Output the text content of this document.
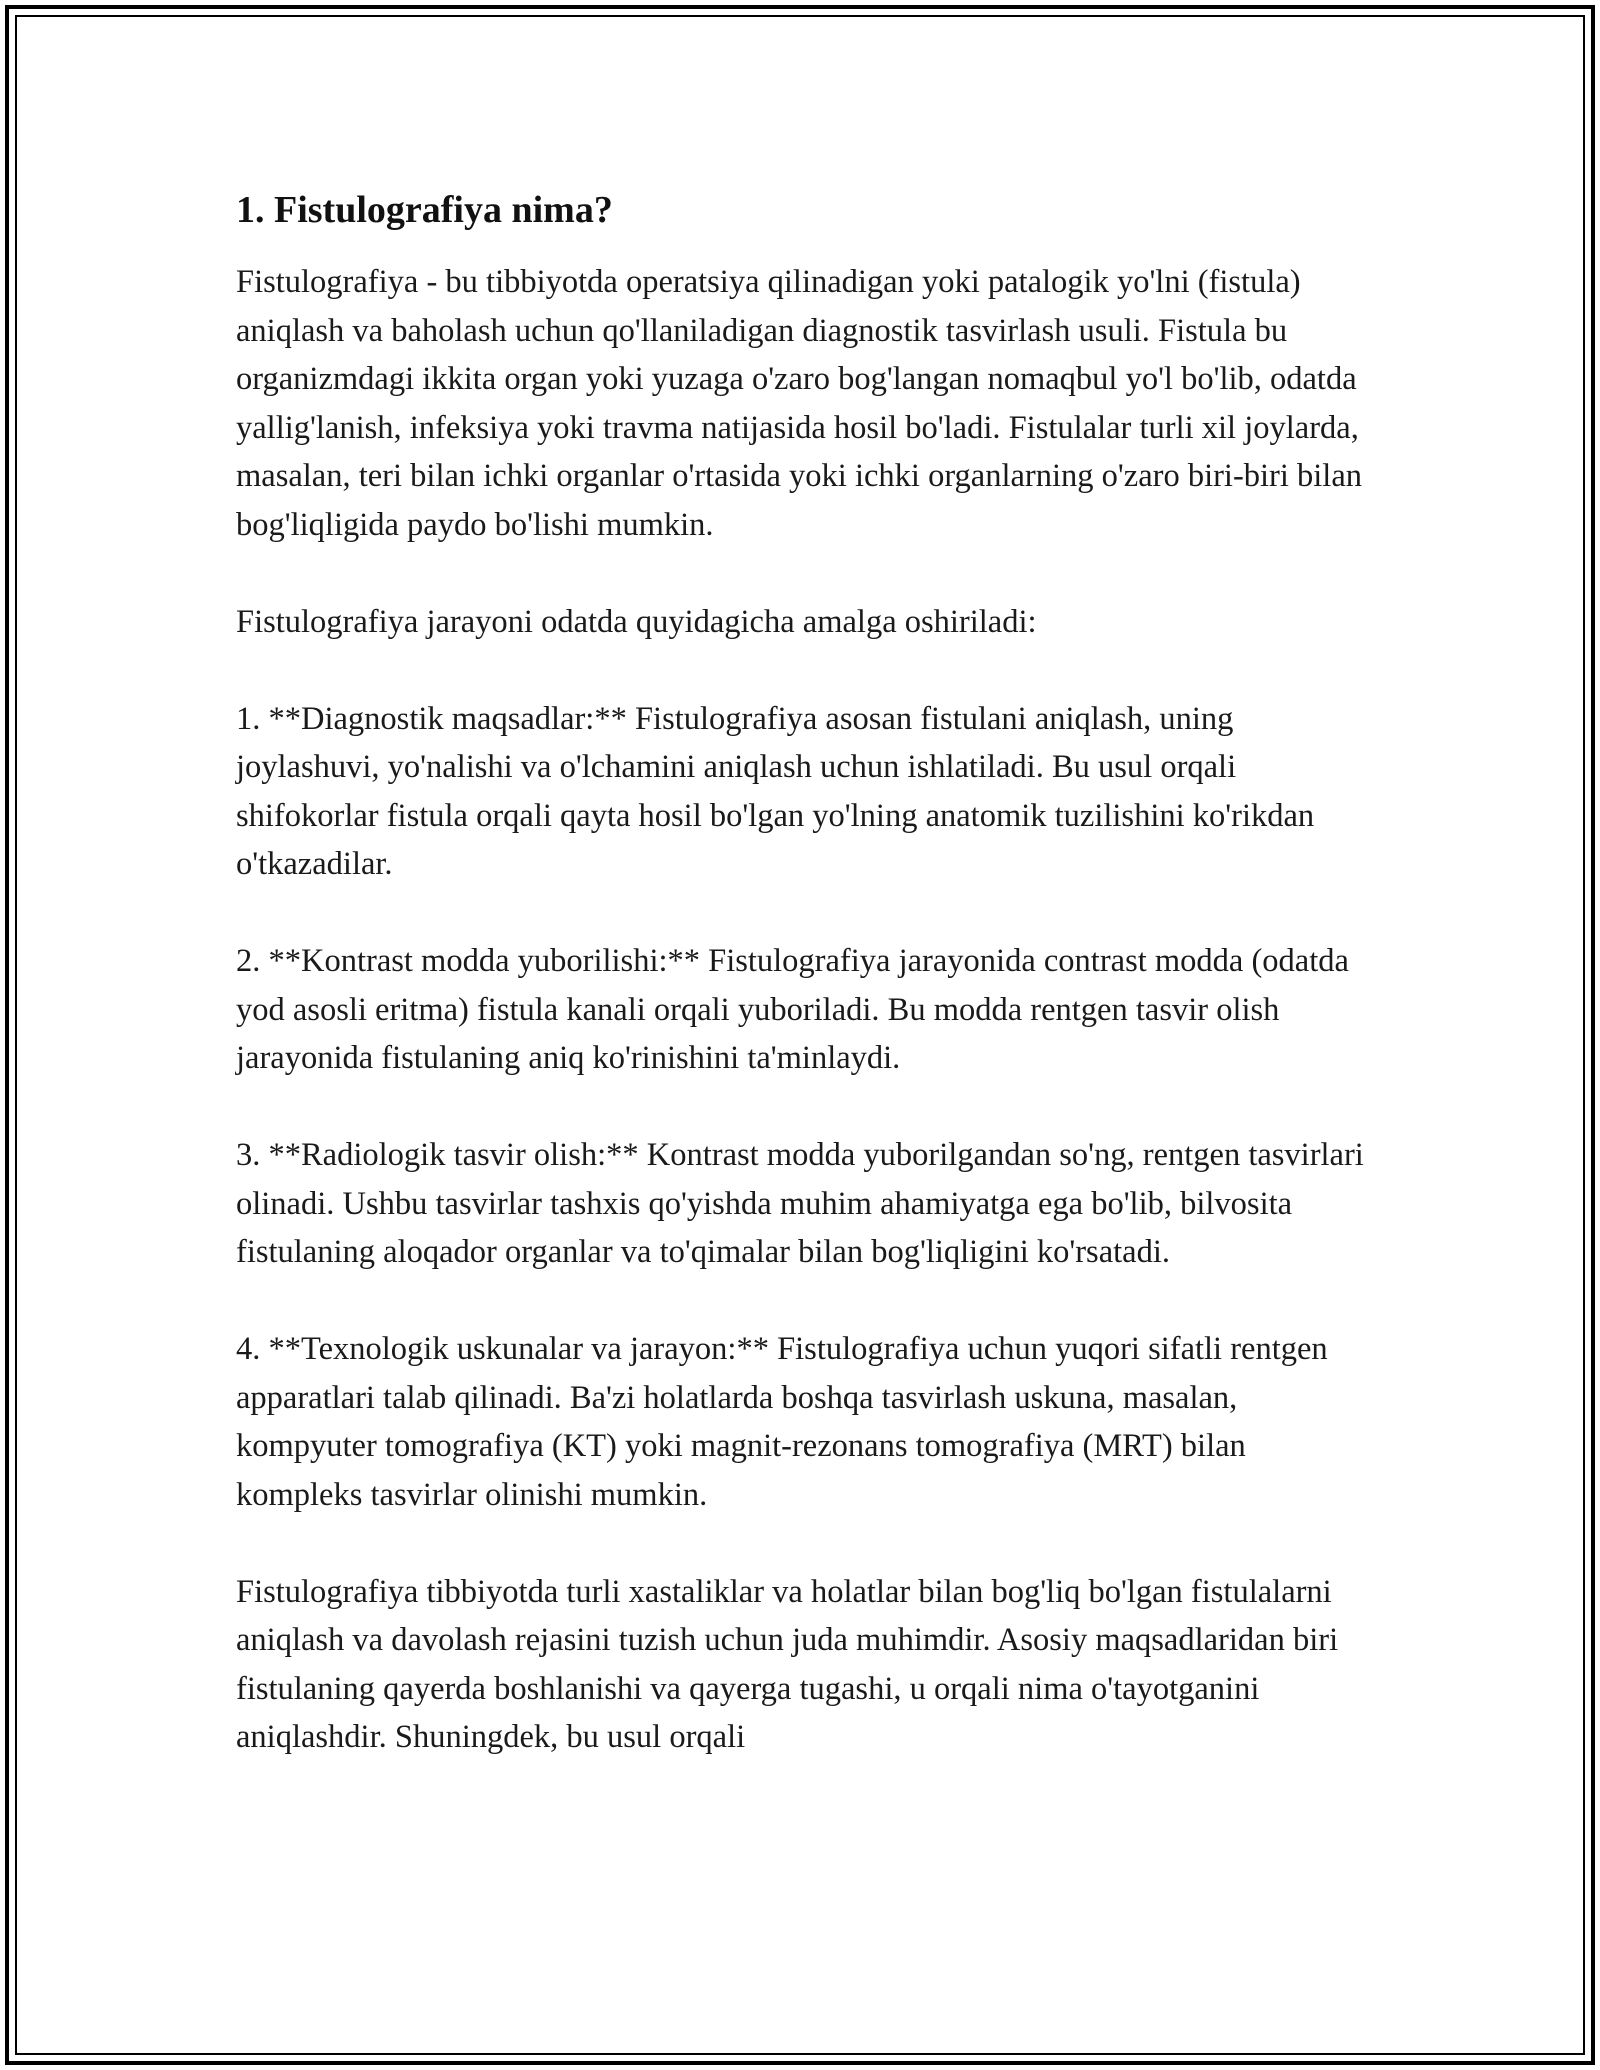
1. Fistulografiya nima?

Fistulografiya - bu tibbiyotda operatsiya qilinadigan yoki patalogik yo'lni (fistula) aniqlash va baholash uchun qo'llaniladigan diagnostik tasvirlash usuli. Fistula bu organizmdagi ikkita organ yoki yuzaga o'zaro bog'langan nomaqbul yo'l bo'lib, odatda yallig'lanish, infeksiya yoki travma natijasida hosil bo'ladi. Fistulalar turli xil joylarda, masalan, teri bilan ichki organlar o'rtasida yoki ichki organlarning o'zaro biri-biri bilan bog'liqligida paydo bo'lishi mumkin.

Fistulografiya jarayoni odatda quyidagicha amalga oshiriladi:

1. **Diagnostik maqsadlar:** Fistulografiya asosan fistulani aniqlash, uning joylashuvi, yo'nalishi va o'lchamini aniqlash uchun ishlatiladi. Bu usul orqali shifokorlar fistula orqali qayta hosil bo'lgan yo'lning anatomik tuzilishini ko'rikdan o'tkazadilar.

2. **Kontrast modda yuborilishi:** Fistulografiya jarayonida contrast modda (odatda yod asosli eritma) fistula kanali orqali yuboriladi. Bu modda rentgen tasvir olish jarayonida fistulaning aniq ko'rinishini ta'minlaydi.

3. **Radiologik tasvir olish:** Kontrast modda yuborilgandan so'ng, rentgen tasvirlari olinadi. Ushbu tasvirlar tashxis qo'yishda muhim ahamiyatga ega bo'lib, bilvosita fistulaning aloqador organlar va to'qimalar bilan bog'liqligini ko'rsatadi.

4. **Texnologik uskunalar va jarayon:** Fistulografiya uchun yuqori sifatli rentgen apparatlari talab qilinadi. Ba'zi holatlarda boshqa tasvirlash uskuna, masalan, kompyuter tomografiya (KT) yoki magnit-rezonans tomografiya (MRT) bilan kompleks tasvirlar olinishi mumkin.

Fistulografiya tibbiyotda turli xastaliklar va holatlar bilan bog'liq bo'lgan fistulalarni aniqlash va davolash rejasini tuzish uchun juda muhimdir. Asosiy maqsadlaridan biri fistulaning qayerda boshlanishi va qayerga tugashi, u orqali nima o'tayotganini aniqlashdir. Shuningdek, bu usul orqali
